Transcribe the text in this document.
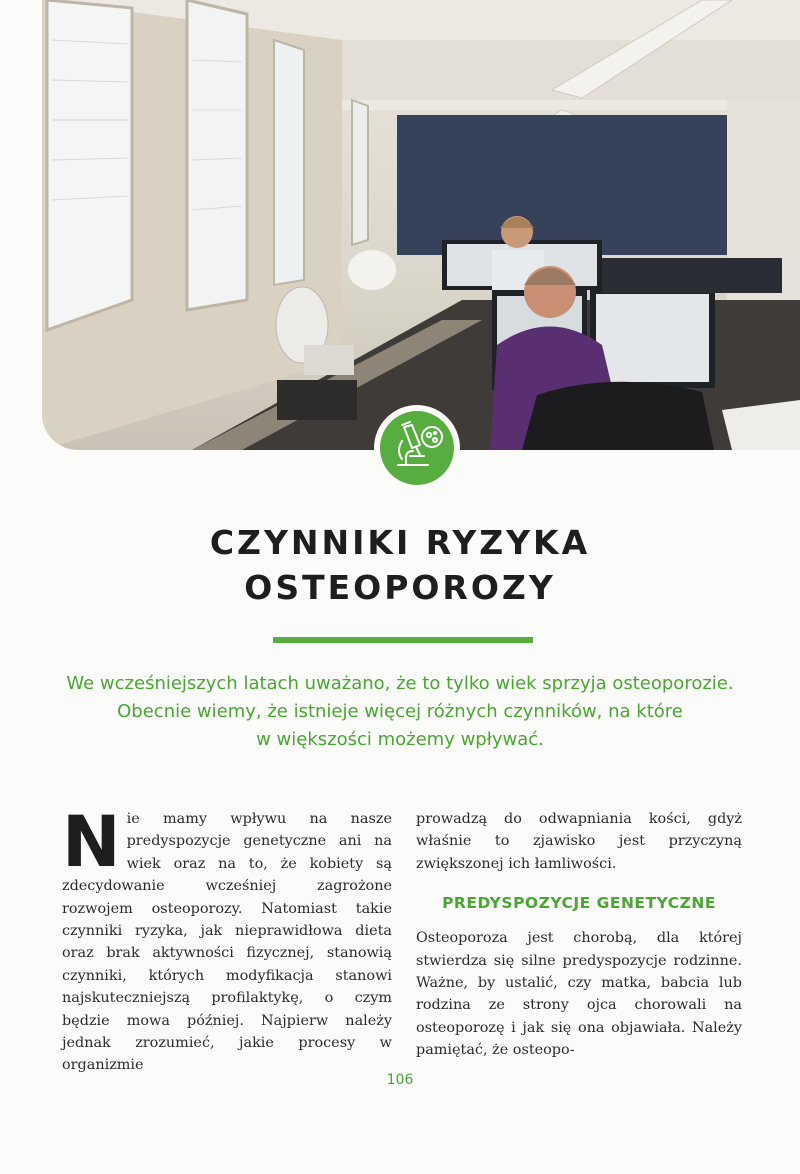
CZYNNIKI RYZYKA
OSTEOPOROZY
We wcześniejszych latach uważano, że to tylko wiek sprzyja osteoporozie.
Obecnie wiemy, że istnieje więcej różnych czynników, na które
w większości możemy wpływać.
N ie mamy wpływu na nasze predyspozycje genetyczne ani na wiek oraz na to, że kobiety są zdecydowanie wcześniej zagrożone rozwojem osteoporozy. Natomiast takie czynniki ryzyka, jak nieprawidłowa dieta oraz brak aktywności fizycznej, stanowią czynniki, których modyfikacja stanowi najskuteczniejszą profilaktykę, o czym będzie mowa później. Najpierw należy jednak zrozumieć, jakie procesy w organizmie

prowadzą do odwapniania kości, gdyż właśnie to zjawisko jest przyczyną zwiększonej ich łamliwości.

PREDYSPOZYCJE GENETYCZNE

Osteoporoza jest chorobą, dla której stwierdza się silne predyspozycje rodzinne. Ważne, by ustalić, czy matka, babcia lub rodzina ze strony ojca chorowali na osteoporozę i jak się ona objawiała. Należy pamiętać, że osteopo-

106
